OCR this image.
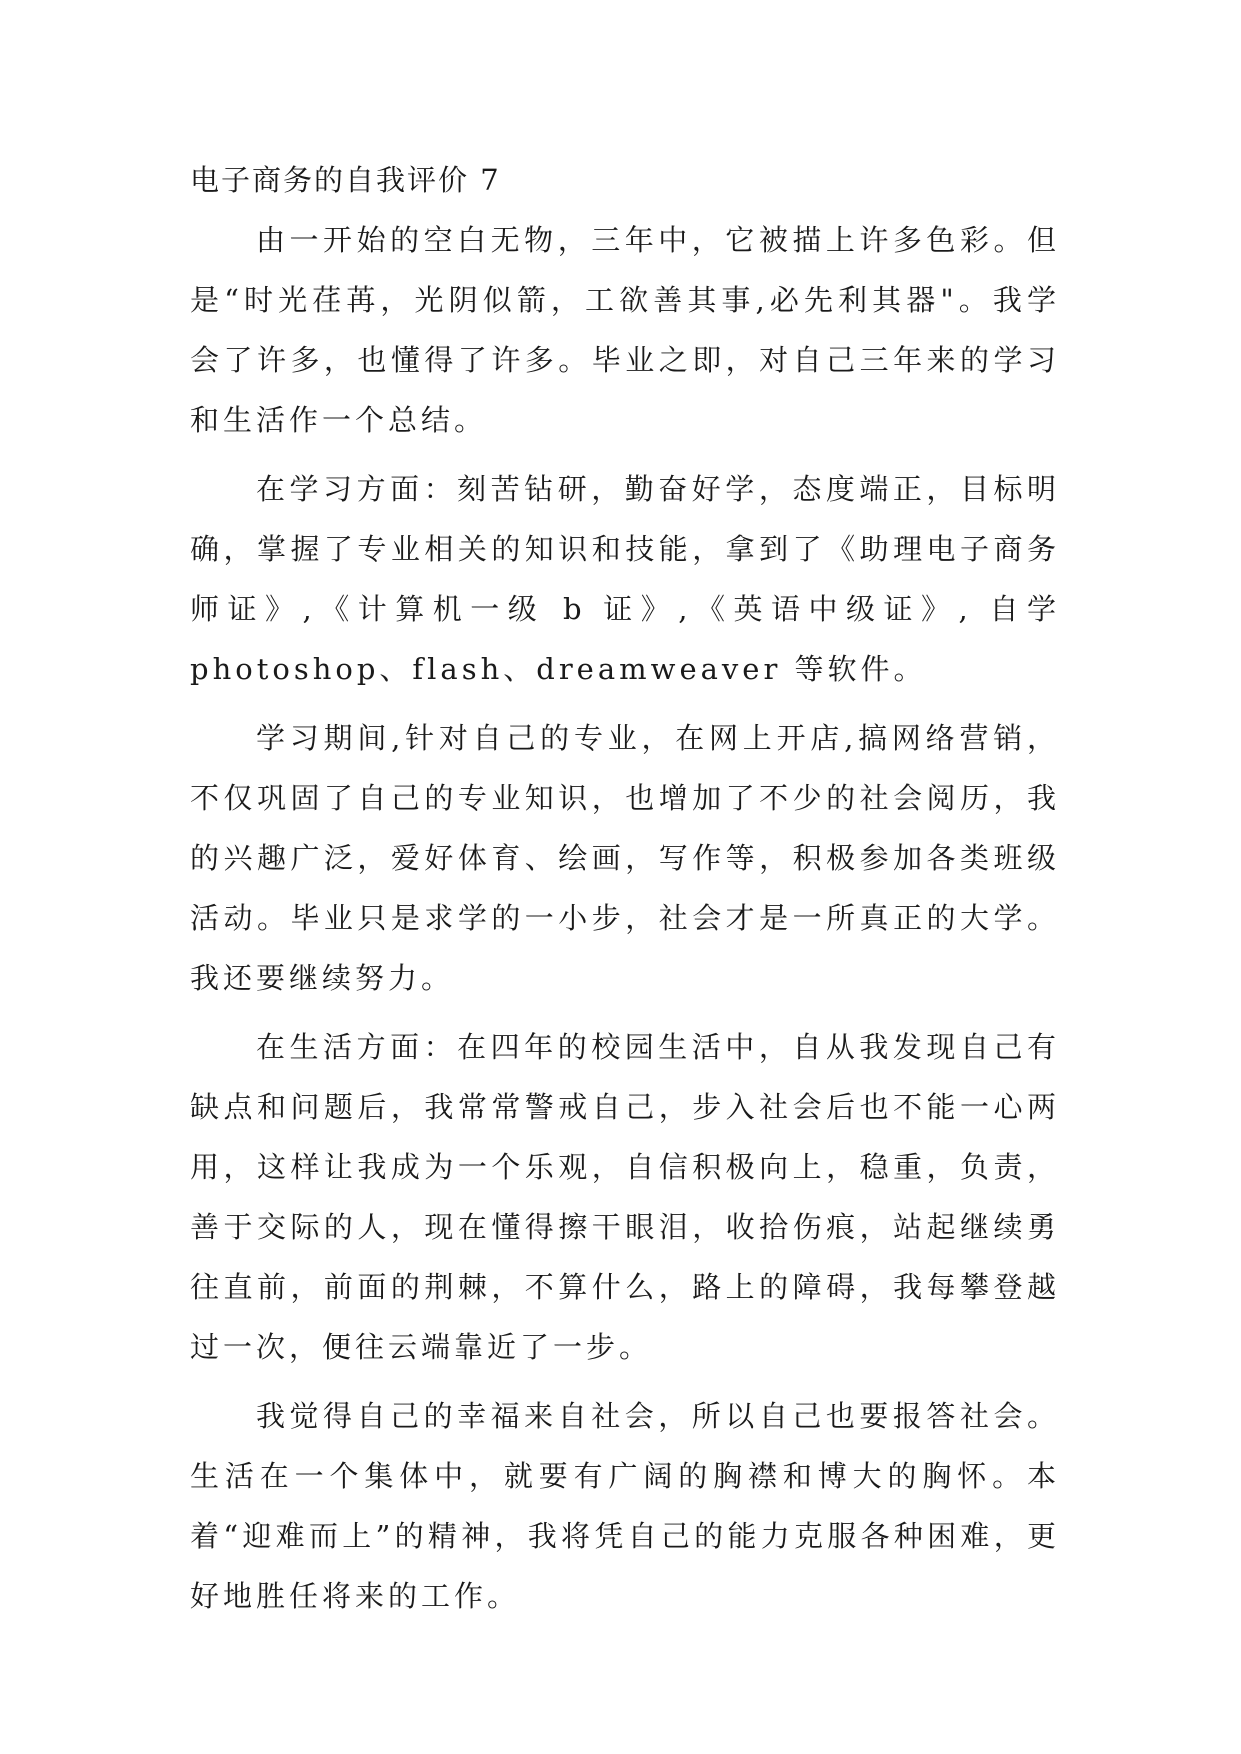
电子商务的自我评价 7

由一开始的空白无物，三年中，它被描上许多色彩。但是“时光荏苒，光阴似箭，工欲善其事,必先利其器"。我学会了许多，也懂得了许多。毕业之即，对自己三年来的学习和生活作一个总结。

在学习方面：刻苦钻研，勤奋好学，态度端正，目标明确，掌握了专业相关的知识和技能，拿到了《助理电子商务师证》,《计算机一级 b 证》,《英语中级证》, 自学 photoshop、flash、dreamweaver 等软件。

学习期间,针对自己的专业，在网上开店,搞网络营销，不仅巩固了自己的专业知识，也增加了不少的社会阅历，我的兴趣广泛，爱好体育、绘画，写作等，积极参加各类班级活动。毕业只是求学的一小步，社会才是一所真正的大学。我还要继续努力。

在生活方面：在四年的校园生活中，自从我发现自己有缺点和问题后，我常常警戒自己，步入社会后也不能一心两用，这样让我成为一个乐观，自信积极向上，稳重，负责，善于交际的人，现在懂得擦干眼泪，收拾伤痕，站起继续勇往直前，前面的荆棘，不算什么，路上的障碍，我每攀登越过一次，便往云端靠近了一步。

我觉得自己的幸福来自社会，所以自己也要报答社会。生活在一个集体中，就要有广阔的胸襟和博大的胸怀。本着“迎难而上”的精神，我将凭自己的能力克服各种困难，更好地胜任将来的工作。
